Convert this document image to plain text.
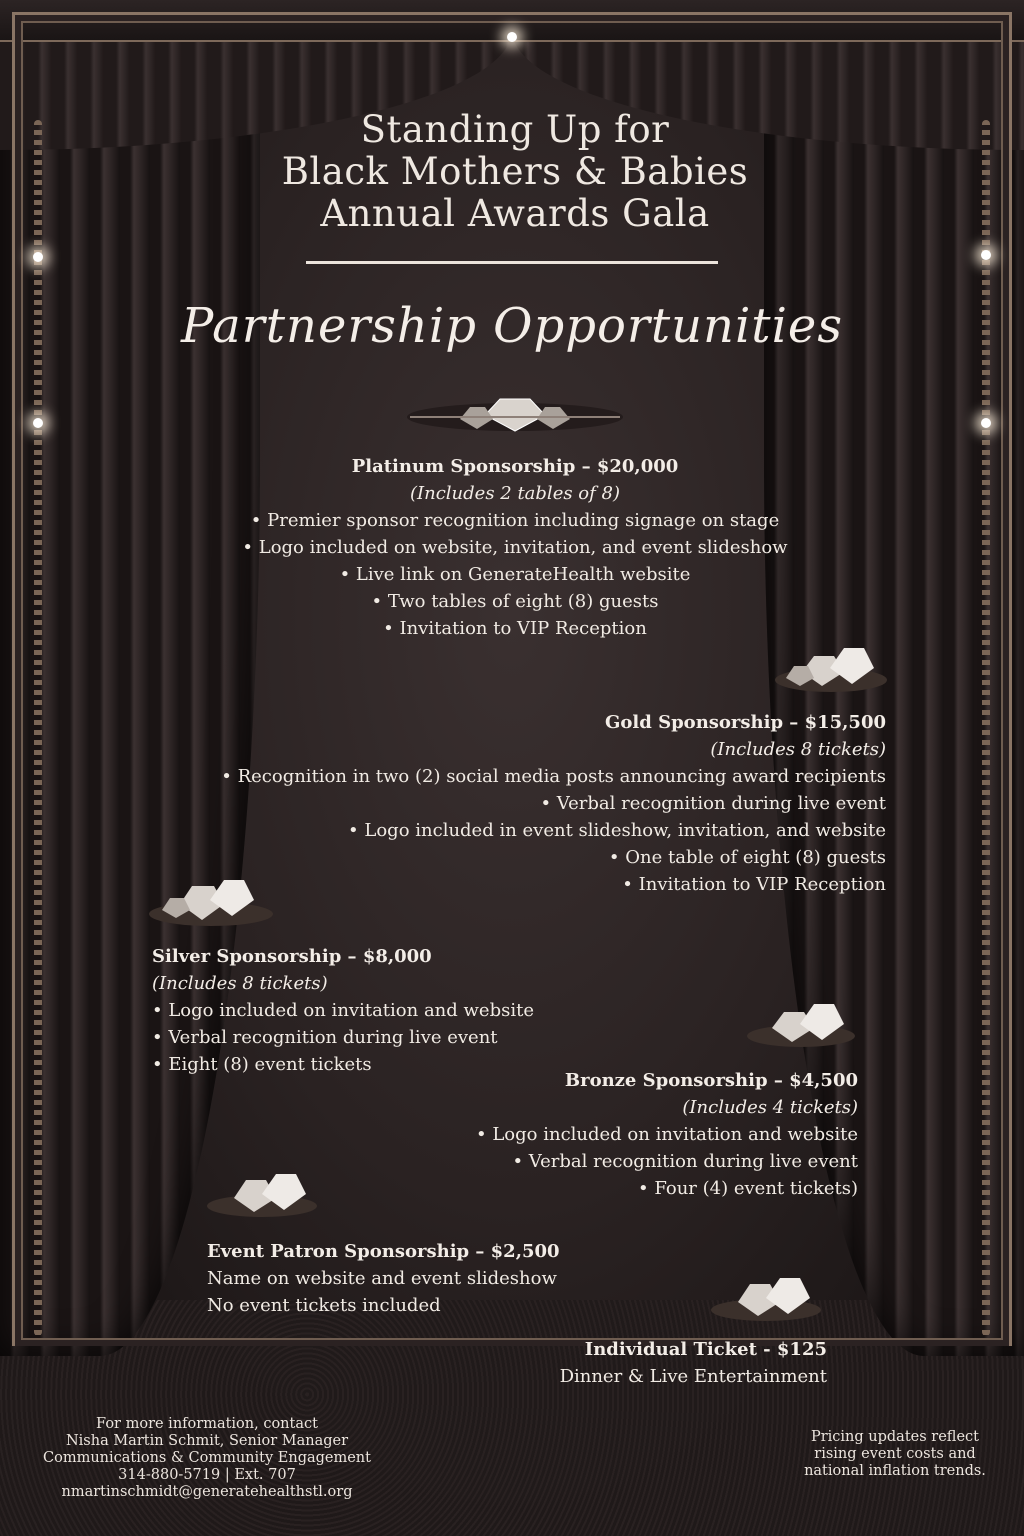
Standing Up for

Black Mothers & Babies

Annual Awards Gala

Partnership Opportunities

Platinum Sponsorship – $20,000

(Includes 2 tables of 8)

• Premier sponsor recognition including signage on stage

• Logo included on website, invitation, and event slideshow

• Live link on GenerateHealth website

• Two tables of eight (8) guests

• Invitation to VIP Reception

Gold Sponsorship – $15,500

(Includes 8 tickets)

• Recognition in two (2) social media posts announcing award recipients

• Verbal recognition during live event

• Logo included in event slideshow, invitation, and website

• One table of eight (8) guests

• Invitation to VIP Reception

Silver Sponsorship – $8,000

(Includes 8 tickets)

• Logo included on invitation and website

• Verbal recognition during live event

• Eight (8) event tickets

Bronze Sponsorship – $4,500

(Includes 4 tickets)

• Logo included on invitation and website

• Verbal recognition during live event

• Four (4) event tickets)

Event Patron Sponsorship – $2,500

Name on website and event slideshow

No event tickets included

Individual Ticket - $125

Dinner & Live Entertainment

For more information, contact
Nisha Martin Schmit, Senior Manager
Communications & Community Engagement
314-880-5719 | Ext. 707
nmartinschmidt@generatehealthstl.org
Pricing updates reflect
rising event costs and
national inflation trends.
